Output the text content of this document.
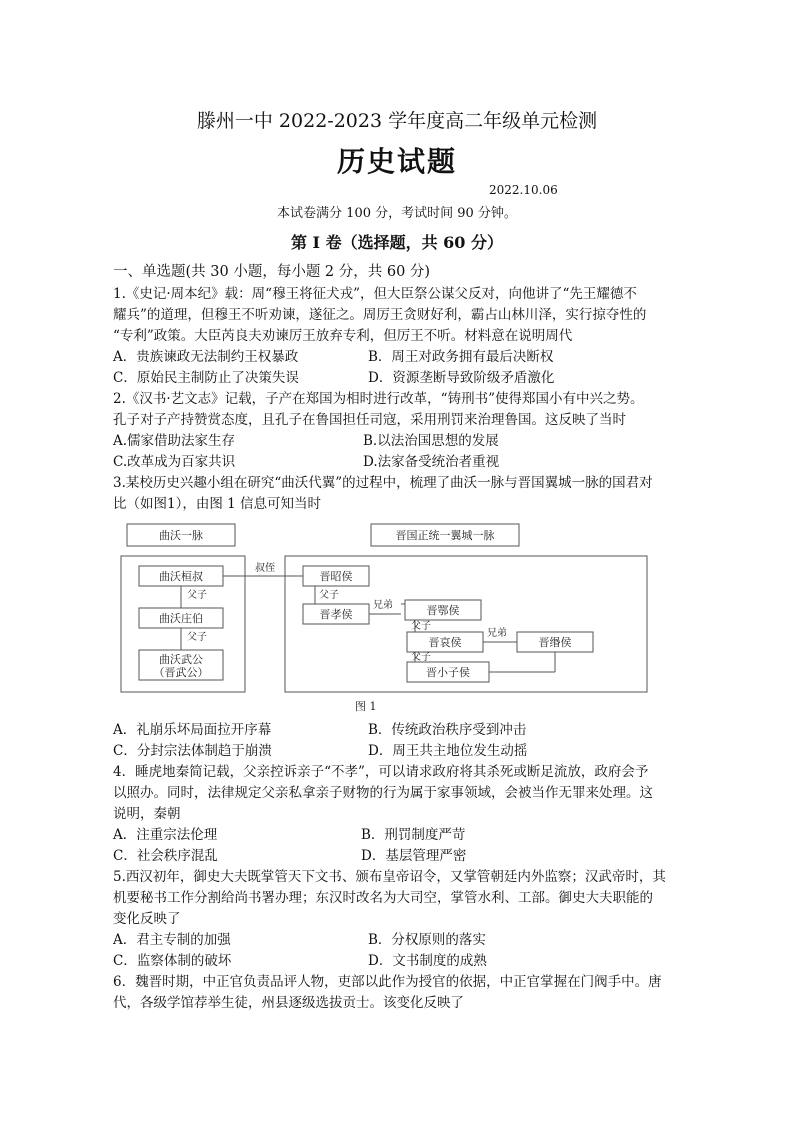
滕州一中 2022-2023 学年度高二年级单元检测
历史试题
2022.10.06
本试卷满分 100 分，考试时间 90 分钟。
第 I 卷（选择题，共 60 分）
一、单选题(共 30 小题，每小题 2 分，共 60 分)
1.《史记·周本纪》载：周“穆王将征犬戎”，但大臣祭公谋父反对，向他讲了“先王耀德不
耀兵”的道理，但穆王不听劝谏，遂征之。周厉王贪财好利，霸占山林川泽，实行掠夺性的
“专利”政策。大臣芮良夫劝谏厉王放弃专利，但厉王不听。材料意在说明周代
A．贵族谏政无法制约王权暴政	B．周王对政务拥有最后决断权
C．原始民主制防止了决策失误	D．资源垄断导致阶级矛盾激化
2.《汉书·艺文志》记载，子产在郑国为相时进行改革，“铸刑书”使得郑国小有中兴之势。
孔子对子产持赞赏态度，且孔子在鲁国担任司寇，采用刑罚来治理鲁国。这反映了当时
A.儒家借助法家生存	B.以法治国思想的发展
C.改革成为百家共识	D.法家备受统治者重视
3.某校历史兴趣小组在研究“曲沃代翼”的过程中，梳理了曲沃一脉与晋国翼城一脉的国君对
比（如图1），由图 1 信息可知当时
曲沃一脉
曲沃桓叔
父子
曲沃庄伯
父子
曲沃武公
（晋武公）
叔侄
晋国正统一翼城一脉
晋昭侯
父子
晋孝侯
兄弟	晋鄂侯
父子
晋哀侯
兄弟
晋缗侯
父子
晋小子侯
图 1
A．礼崩乐坏局面拉开序幕	B．传统政治秩序受到冲击
C．分封宗法体制趋于崩溃	D．周王共主地位发生动摇
4．睡虎地秦简记载，父亲控诉亲子“不孝”，可以请求政府将其杀死或断足流放，政府会予
以照办。同时，法律规定父亲私拿亲子财物的行为属于家事领域，会被当作无罪来处理。这
说明，秦朝
A．注重宗法伦理	B．刑罚制度严苛
C．社会秩序混乱	D．基层管理严密
5.西汉初年，御史大夫既掌管天下文书、颁布皇帝诏令，又掌管朝廷内外监察；汉武帝时，其
机要秘书工作分割给尚书署办理；东汉时改名为大司空，掌管水利、工部。御史大夫职能的
变化反映了
A．君主专制的加强	B．分权原则的落实
C．监察体制的破坏	D．文书制度的成熟
6．魏晋时期，中正官负责品评人物，吏部以此作为授官的依据，中正官掌握在门阀手中。唐
代，各级学馆荐举生徒，州县逐级选拔贡士。该变化反映了
